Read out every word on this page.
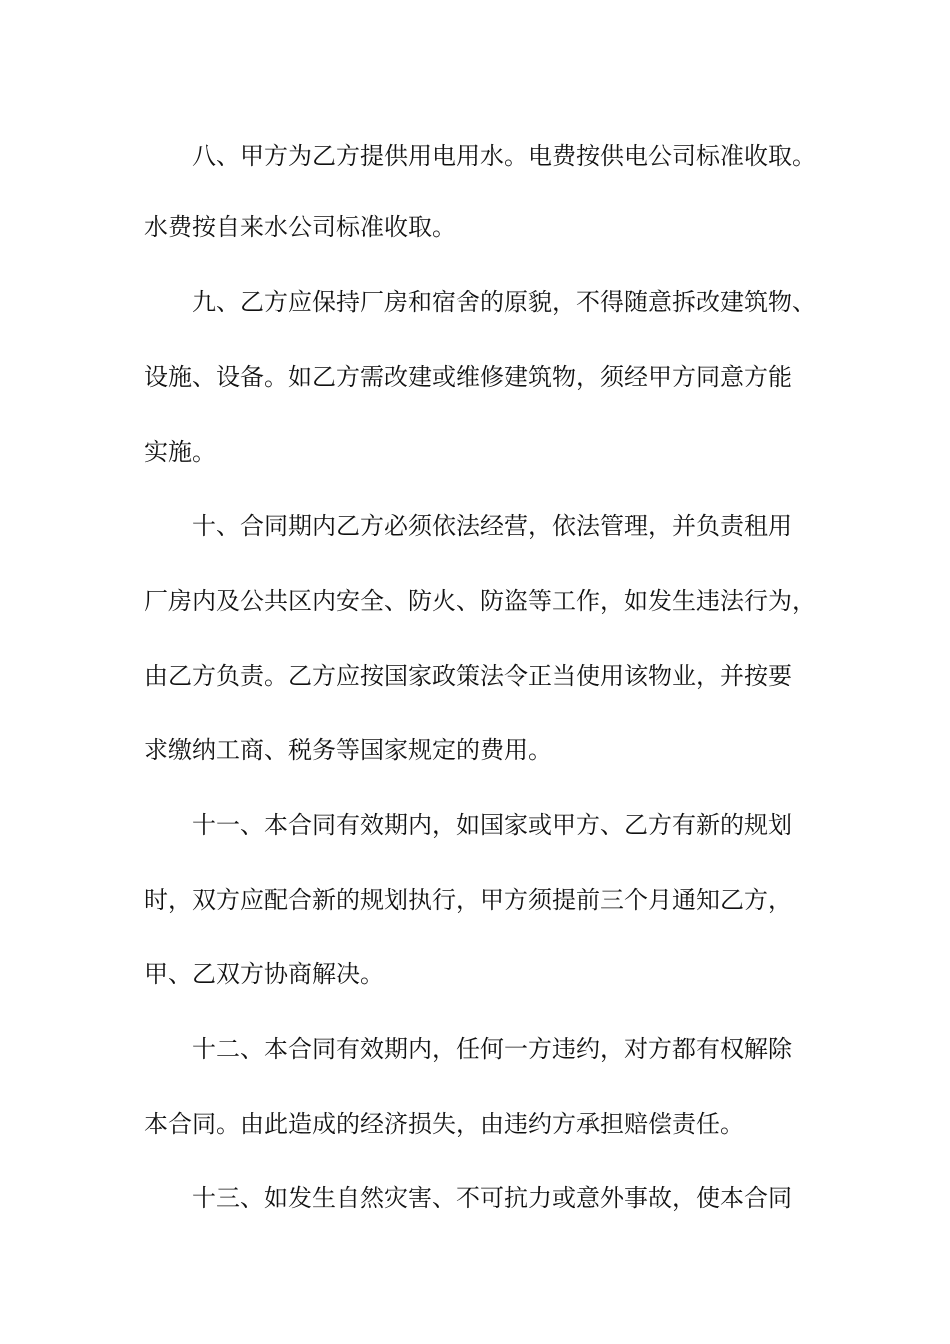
八、甲方为乙方提供用电用水。电费按供电公司标准收取。

水费按自来水公司标准收取。

九、乙方应保持厂房和宿舍的原貌，不得随意拆改建筑物、

设施、设备。如乙方需改建或维修建筑物，须经甲方同意方能

实施。

十、合同期内乙方必须依法经营，依法管理，并负责租用

厂房内及公共区内安全、防火、防盗等工作，如发生违法行为，

由乙方负责。乙方应按国家政策法令正当使用该物业，并按要

求缴纳工商、税务等国家规定的费用。

十一、本合同有效期内，如国家或甲方、乙方有新的规划

时，双方应配合新的规划执行，甲方须提前三个月通知乙方，

甲、乙双方协商解决。

十二、本合同有效期内，任何一方违约，对方都有权解除

本合同。由此造成的经济损失，由违约方承担赔偿责任。

十三、如发生自然灾害、不可抗力或意外事故，使本合同
